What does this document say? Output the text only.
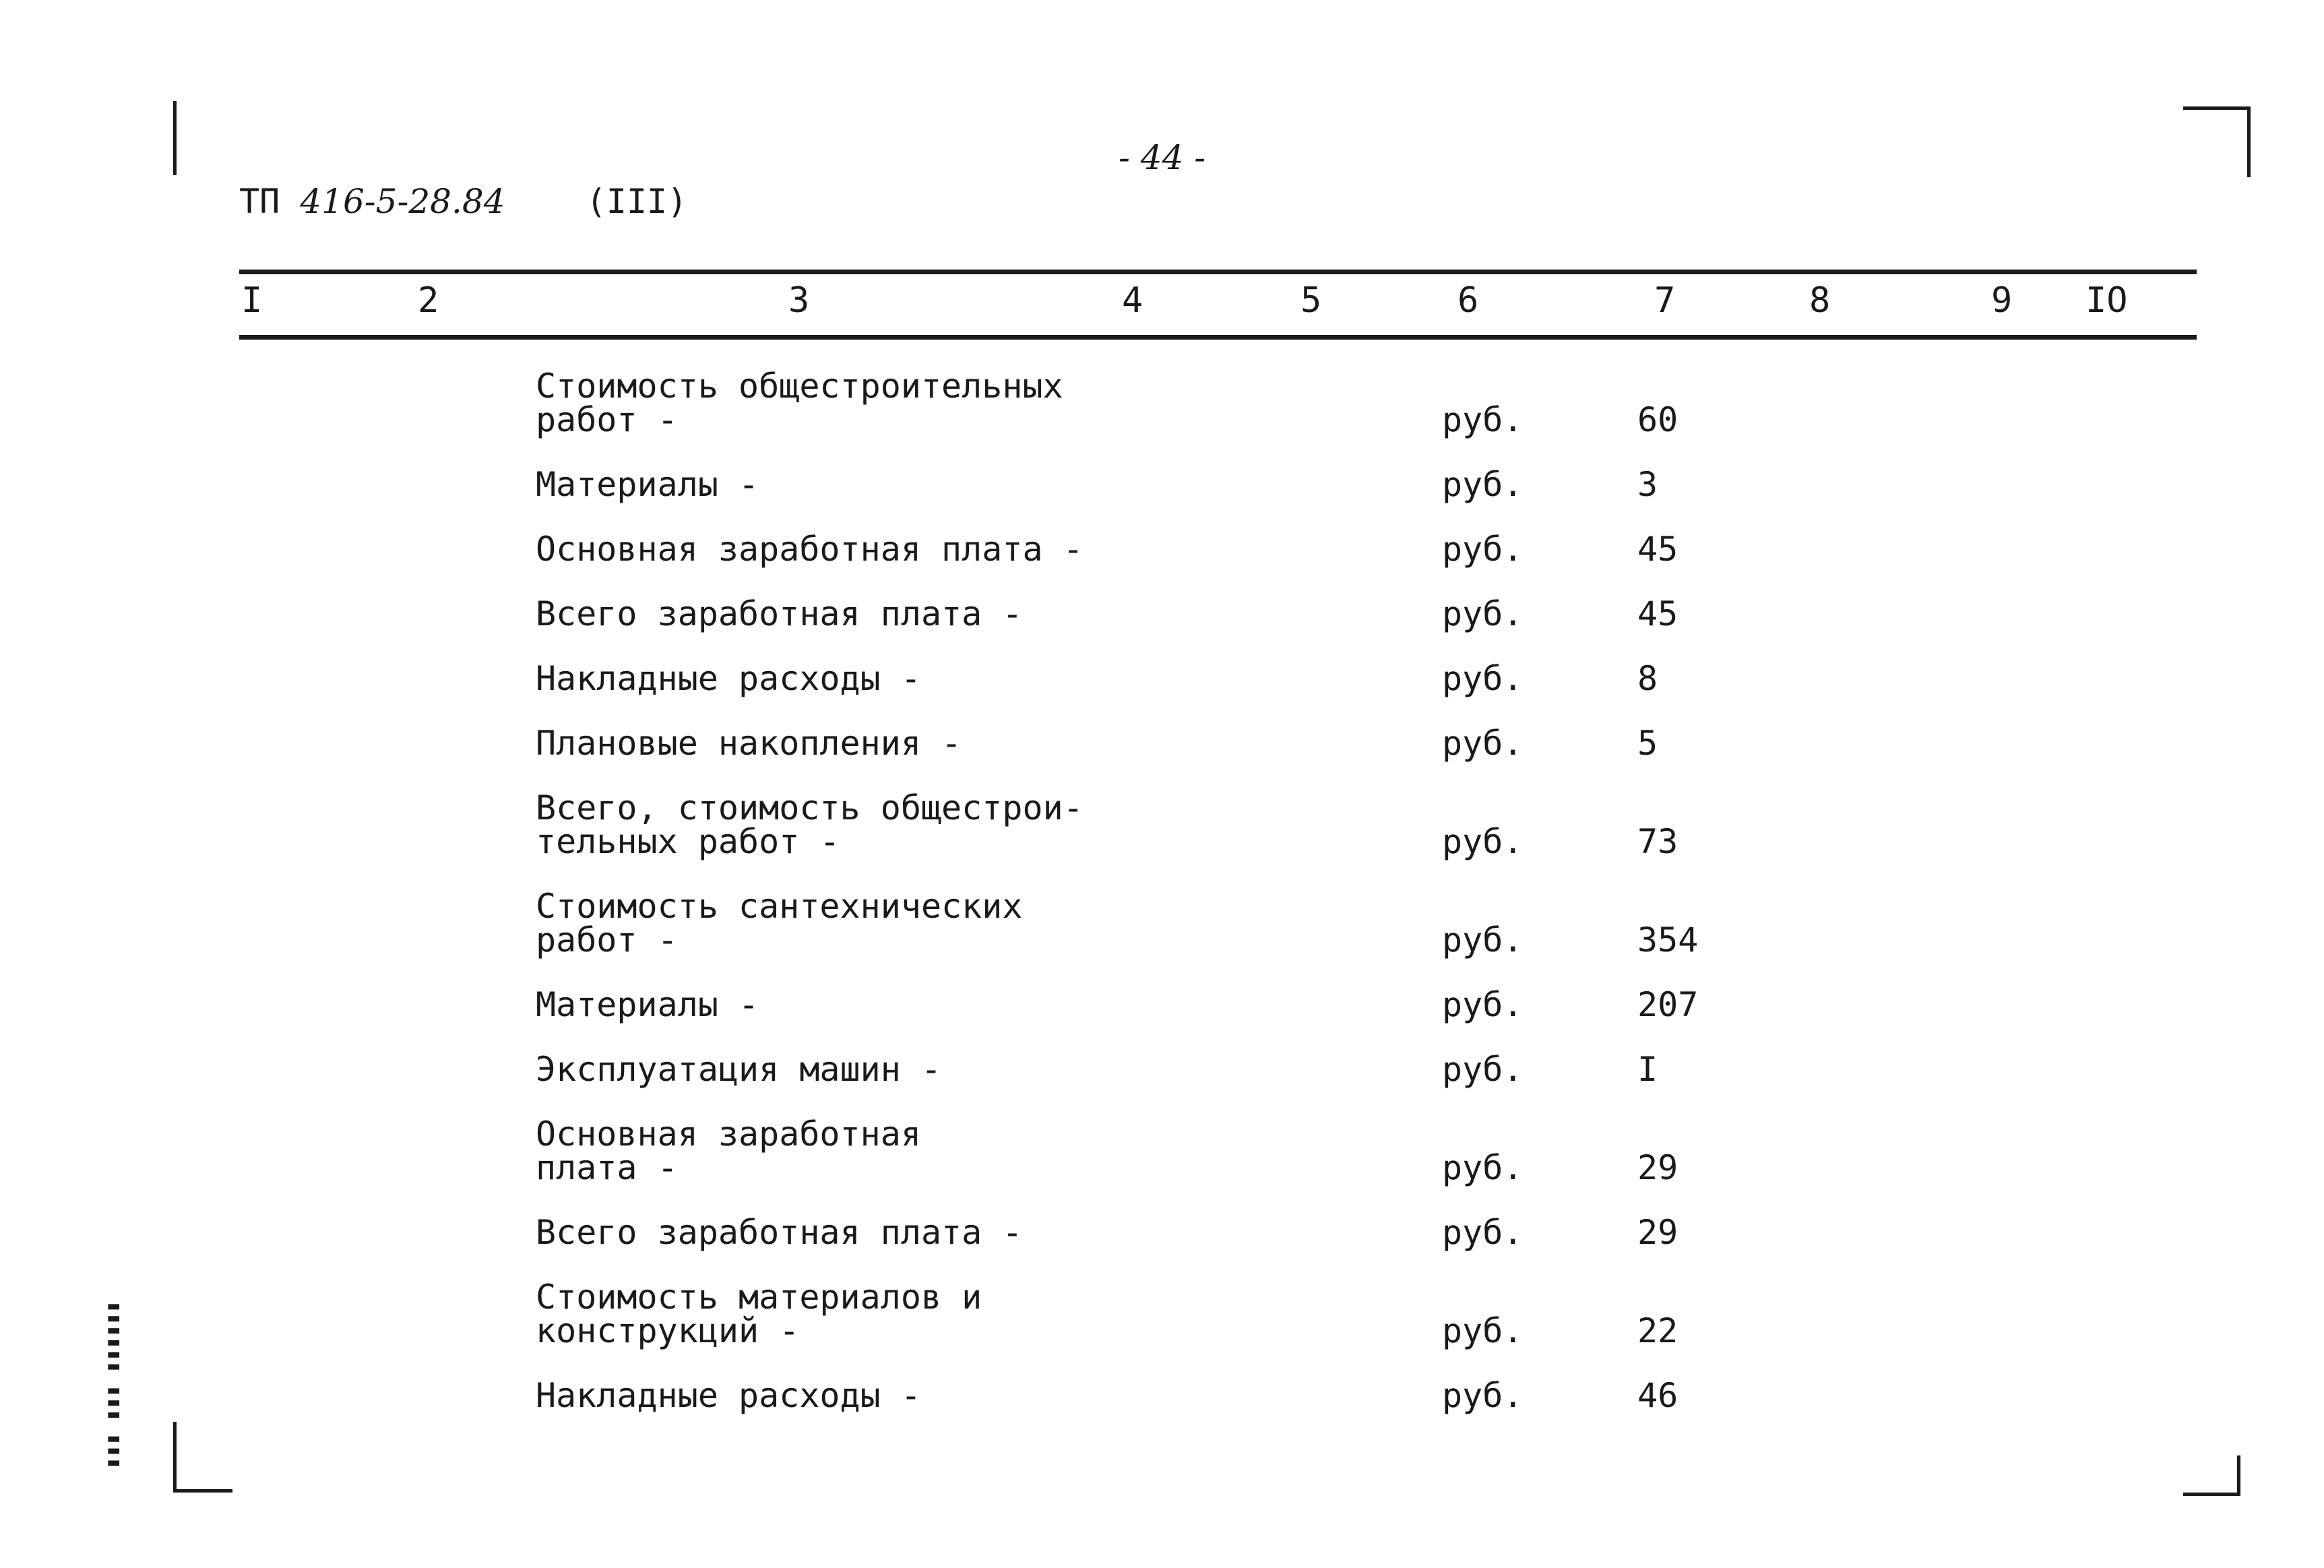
- 44 -
ТП 416-5-28.84 (III)
I	2	3	4	5	6	7	8	9 IO
Стоимость общестроительных
работ -	руб.	60
Материалы -	руб.	3
Основная заработная плата -	руб.	45
Всего заработная плата -	руб.	45
Накладные расходы -	руб.	8
Плановые накопления -	руб.	5
Всего, стоимость общестрои-
тельных работ -	руб.	73
Стоимость сантехнических
работ -	руб.	354
Материалы -	руб.	207
Эксплуатация машин -	руб.	I
Основная заработная
плата -	руб.	29
Всего заработная плата -	руб.	29
Стоимость материалов и
конструкций -	руб.	22
Накладные расходы -	руб.	46
▮▮▮ ▮▮▮ ▮▮▮▮▮▮
